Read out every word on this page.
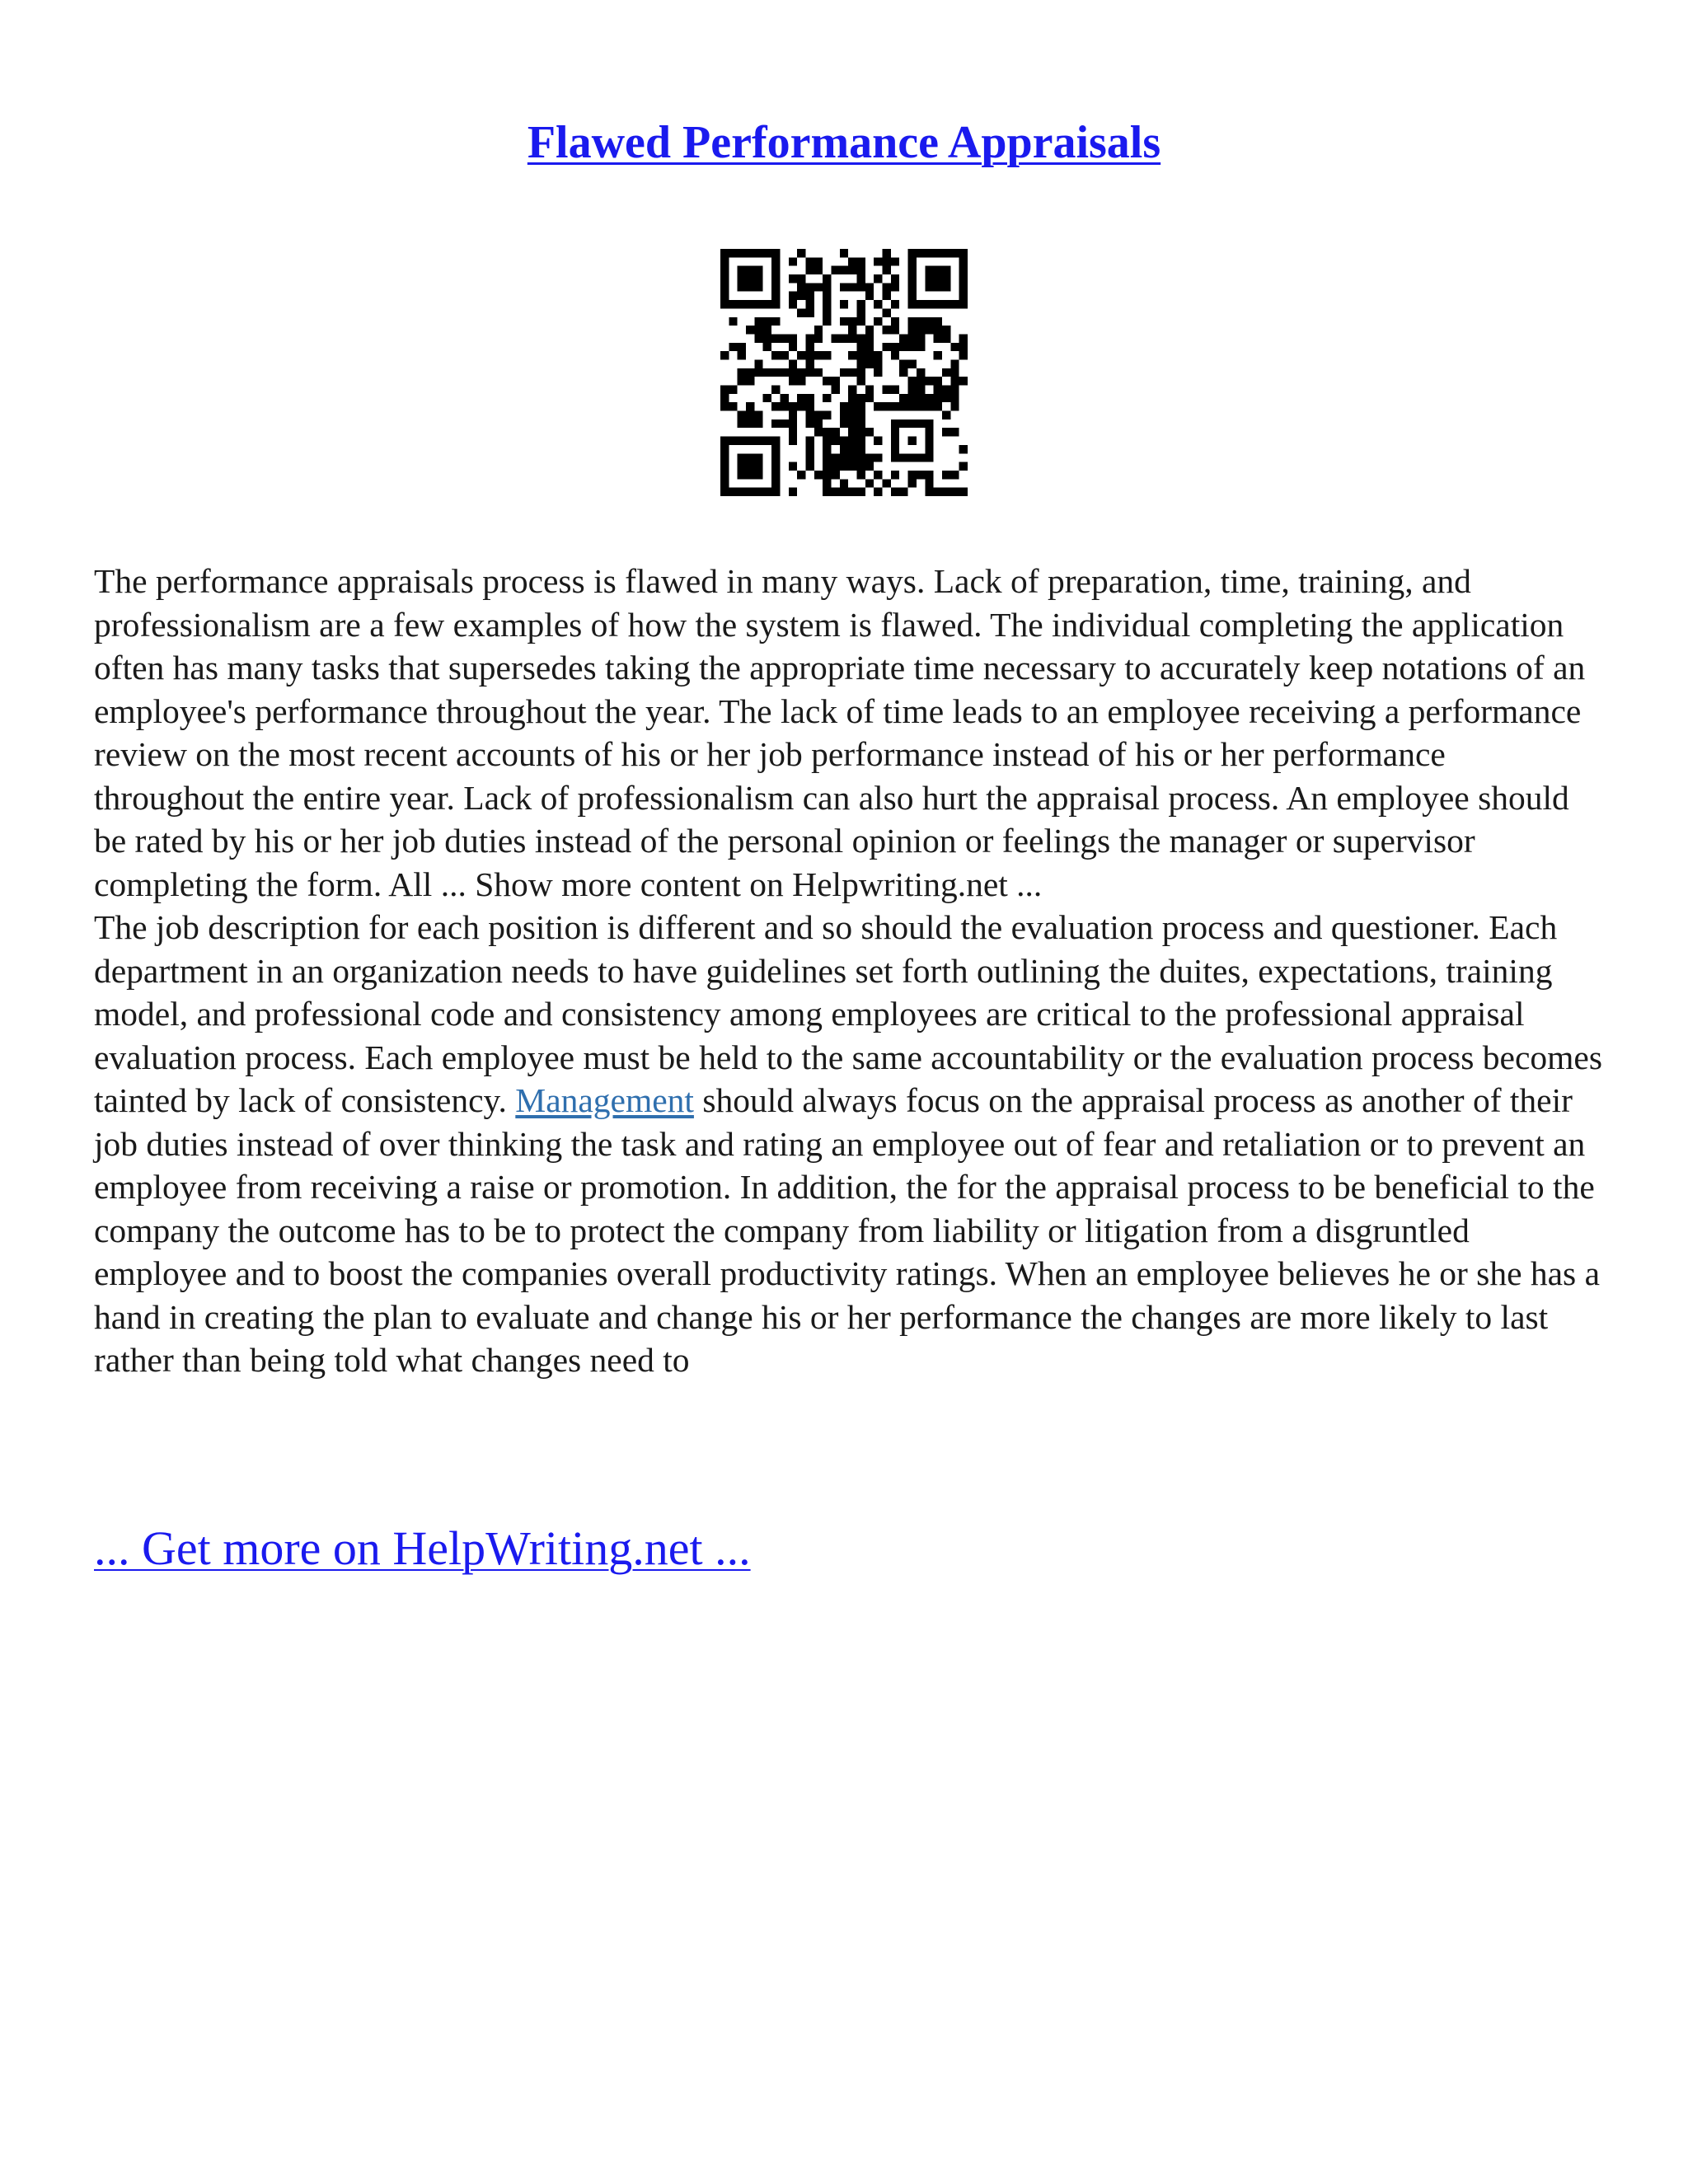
Flawed Performance Appraisals

The performance appraisals process is flawed in many ways. Lack of preparation, time, training, and professionalism are a few examples of how the system is flawed. The individual completing the application often has many tasks that supersedes taking the appropriate time necessary to accurately keep notations of an employee's performance throughout the year. The lack of time leads to an employee receiving a performance review on the most recent accounts of his or her job performance instead of his or her performance throughout the entire year. Lack of professionalism can also hurt the appraisal process. An employee should be rated by his or her job duties instead of the personal opinion or feelings the manager or supervisor completing the form. All ... Show more content on Helpwriting.net ...

The job description for each position is different and so should the evaluation process and questioner. Each department in an organization needs to have guidelines set forth outlining the duites, expectations, training model, and professional code and consistency among employees are critical to the professional appraisal evaluation process. Each employee must be held to the same accountability or the evaluation process becomes tainted by lack of consistency. Management should always focus on the appraisal process as another of their job duties instead of over thinking the task and rating an employee out of fear and retaliation or to prevent an employee from receiving a raise or promotion. In addition, the for the appraisal process to be beneficial to the company the outcome has to be to protect the company from liability or litigation from a disgruntled employee and to boost the companies overall productivity ratings. When an employee believes he or she has a hand in creating the plan to evaluate and change his or her performance the changes are more likely to last rather than being told what changes need to

... Get more on HelpWriting.net ...
